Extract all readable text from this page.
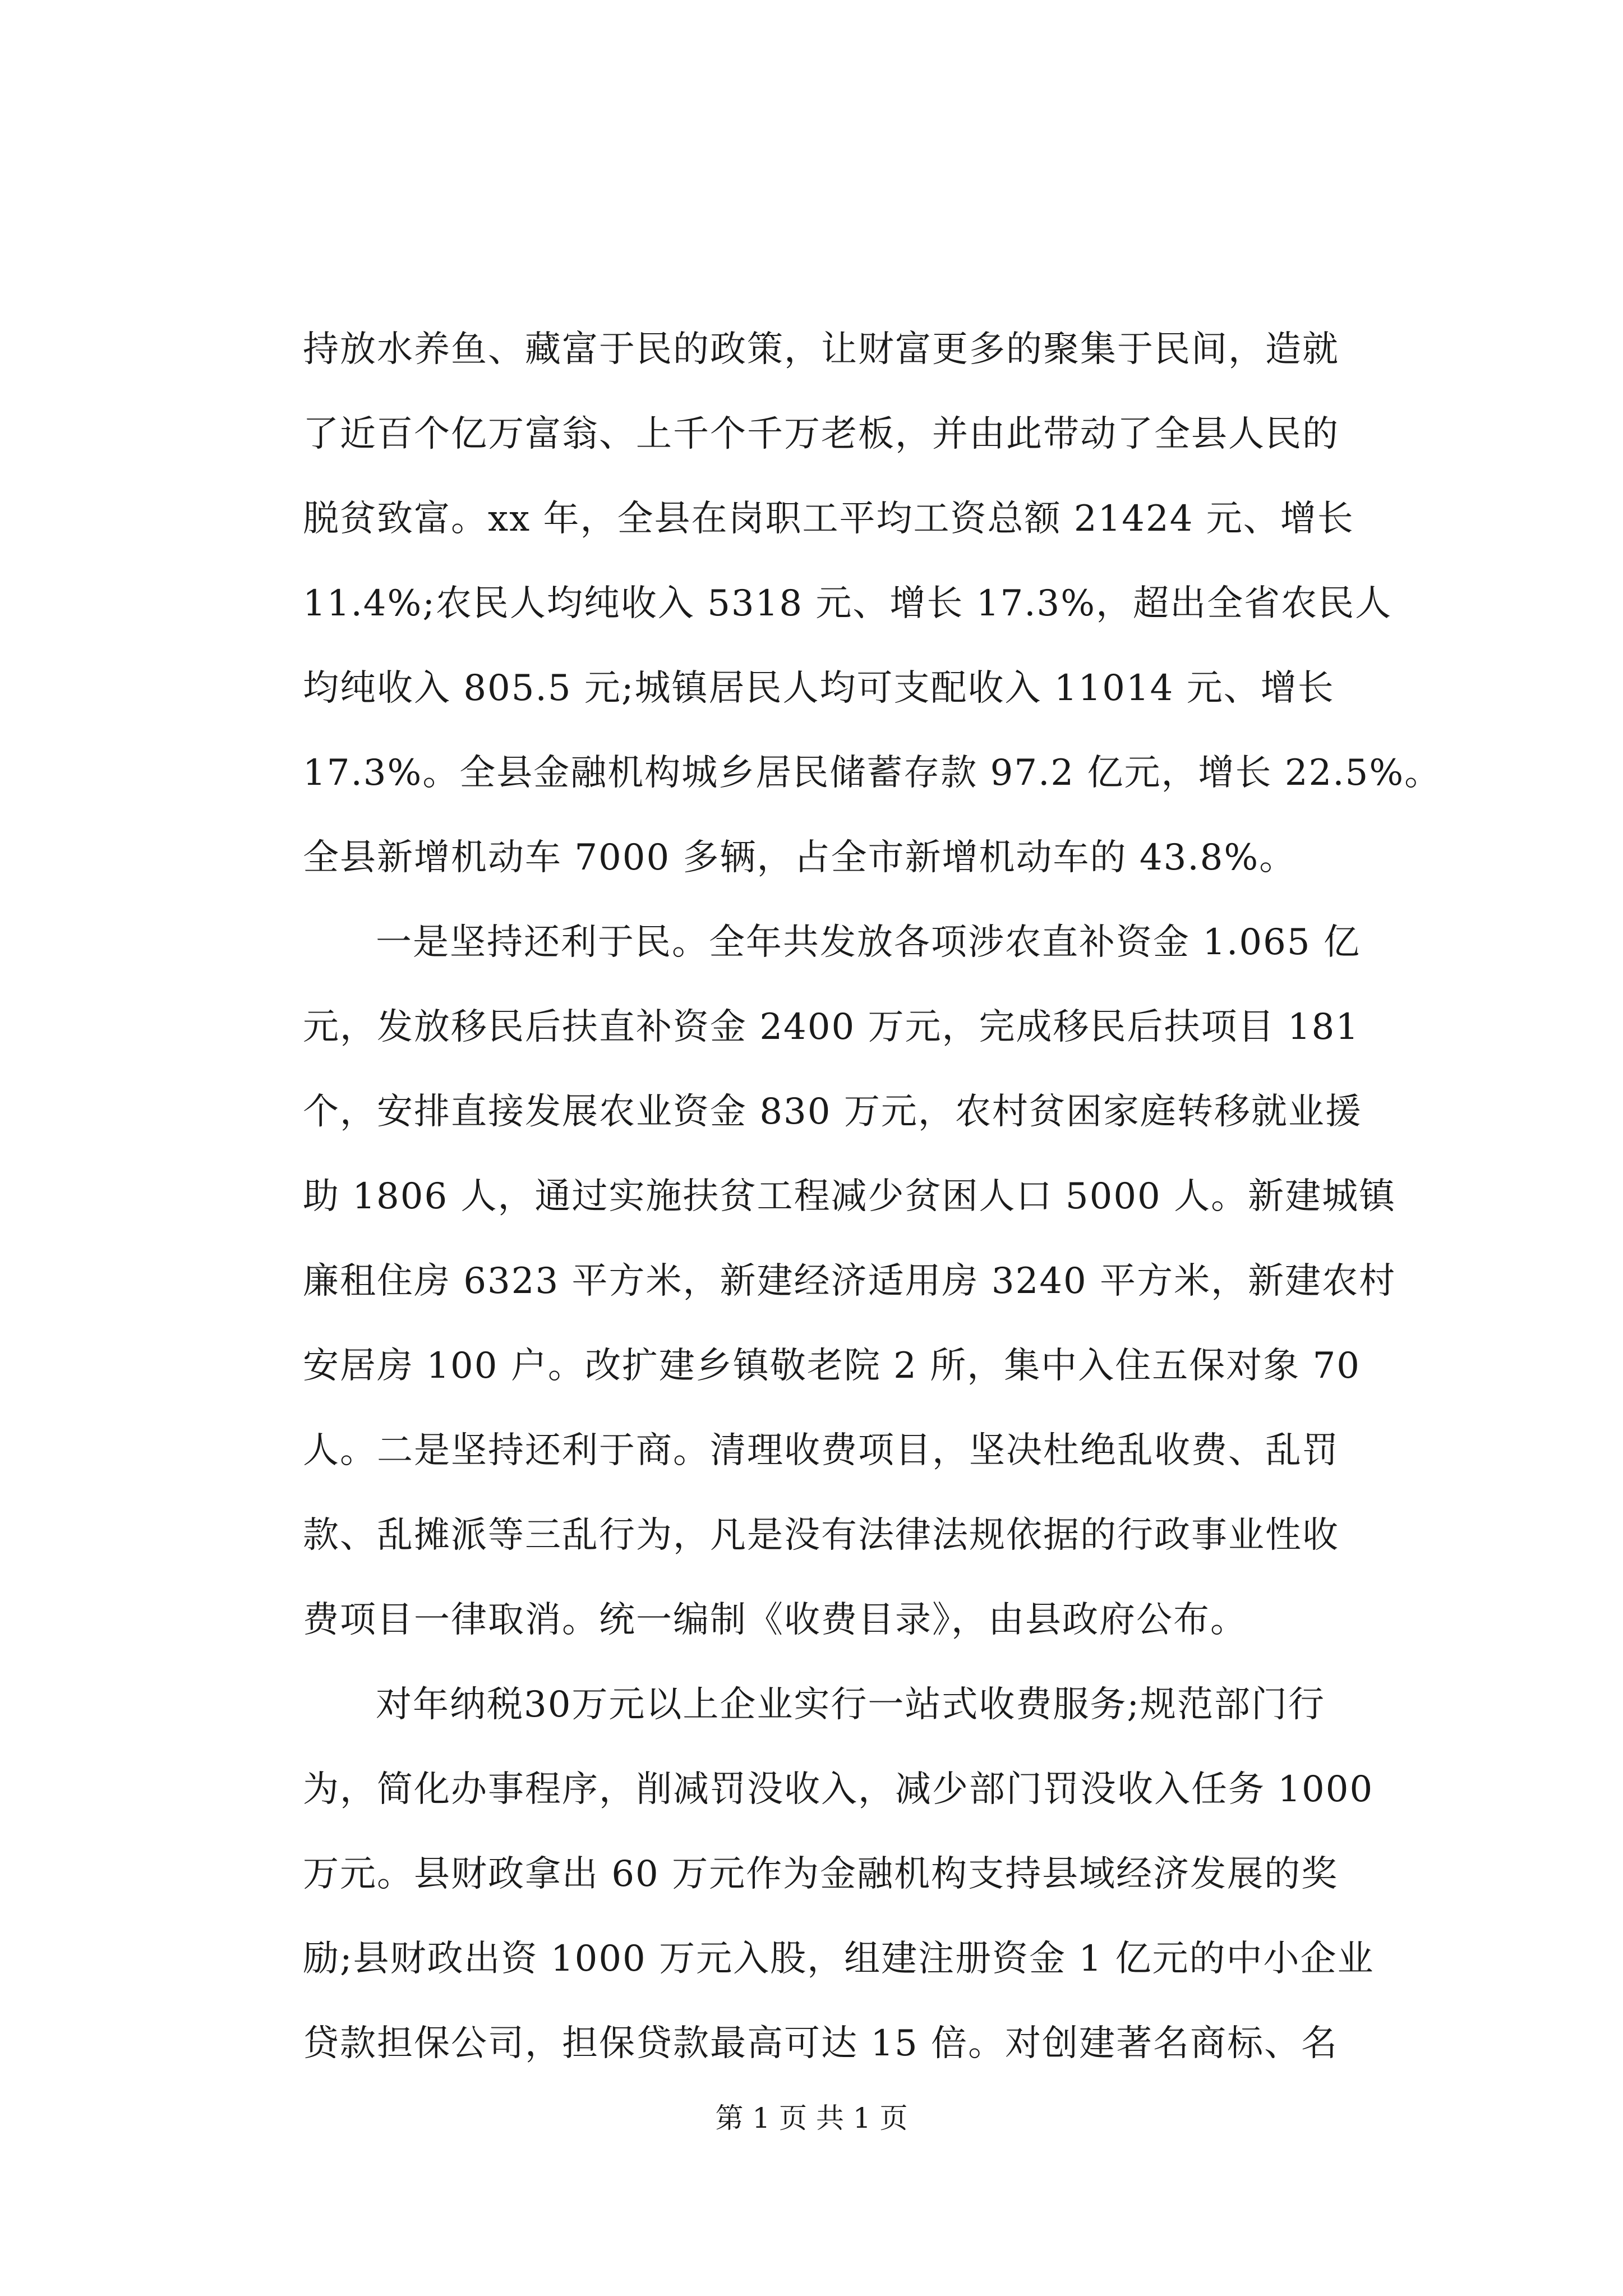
持放水养鱼、藏富于民的政策，让财富更多的聚集于民间，造就
了近百个亿万富翁、上千个千万老板，并由此带动了全县人民的
脱贫致富。xx 年，全县在岗职工平均工资总额 21424 元、增长
11.4%;农民人均纯收入 5318 元、增长 17.3%，超出全省农民人
均纯收入 805.5 元;城镇居民人均可支配收入 11014 元、增长
17.3%。全县金融机构城乡居民储蓄存款 97.2 亿元，增长 22.5%。
全县新增机动车 7000 多辆，占全市新增机动车的 43.8%。
一是坚持还利于民。全年共发放各项涉农直补资金 1.065 亿
元，发放移民后扶直补资金 2400 万元，完成移民后扶项目 181
个，安排直接发展农业资金 830 万元，农村贫困家庭转移就业援
助 1806 人，通过实施扶贫工程减少贫困人口 5000 人。新建城镇
廉租住房 6323 平方米，新建经济适用房 3240 平方米，新建农村
安居房 100 户。改扩建乡镇敬老院 2 所，集中入住五保对象 70
人。二是坚持还利于商。清理收费项目，坚决杜绝乱收费、乱罚
款、乱摊派等三乱行为，凡是没有法律法规依据的行政事业性收
费项目一律取消。统一编制《收费目录》，由县政府公布。
对年纳税30万元以上企业实行一站式收费服务;规范部门行
为，简化办事程序，削减罚没收入，减少部门罚没收入任务 1000
万元。县财政拿出 60 万元作为金融机构支持县域经济发展的奖
励;县财政出资 1000 万元入股，组建注册资金 1 亿元的中小企业
贷款担保公司，担保贷款最高可达 15 倍。对创建著名商标、名
第 1 页 共 1 页
